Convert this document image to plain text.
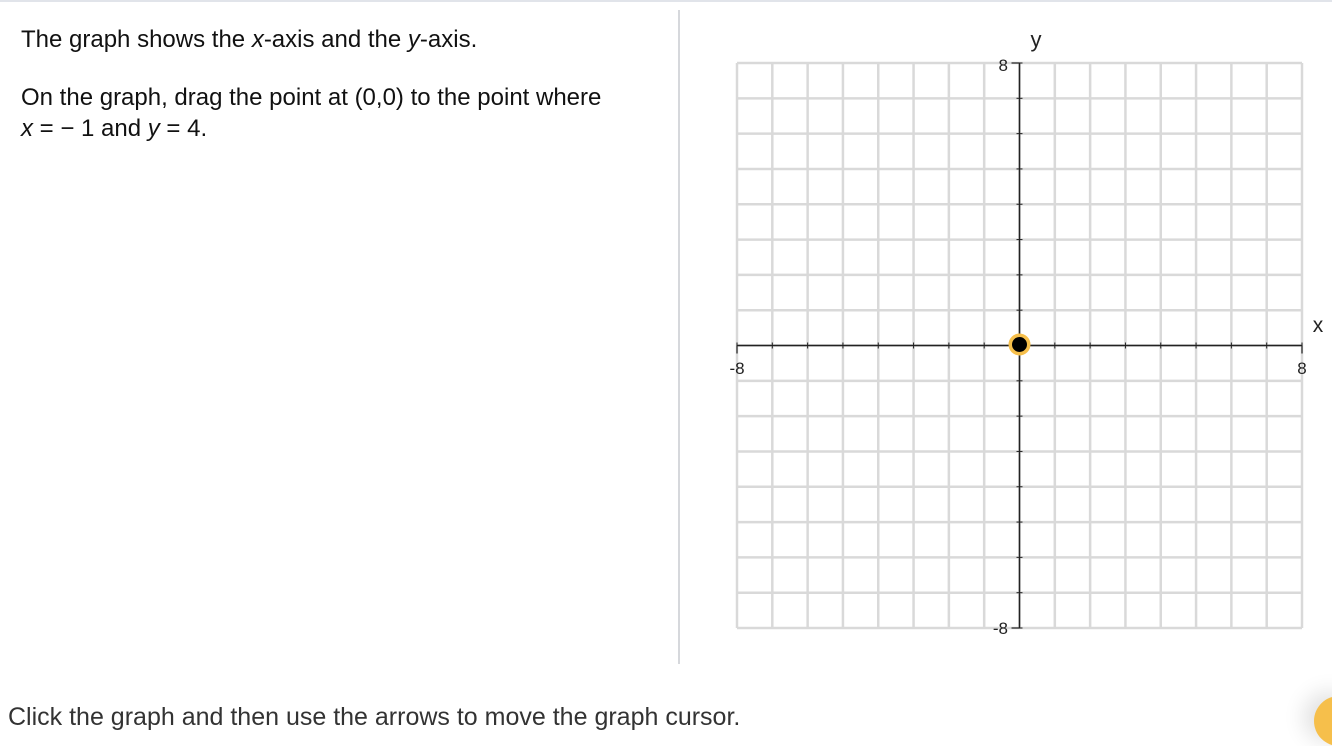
The graph shows the x-axis and the y-axis.

On the graph, drag the point at (0,0) to the point where

x = − 1 and y = 4.

y
x
8
-8
-8	8
Click the graph and then use the arrows to move the graph cursor.
